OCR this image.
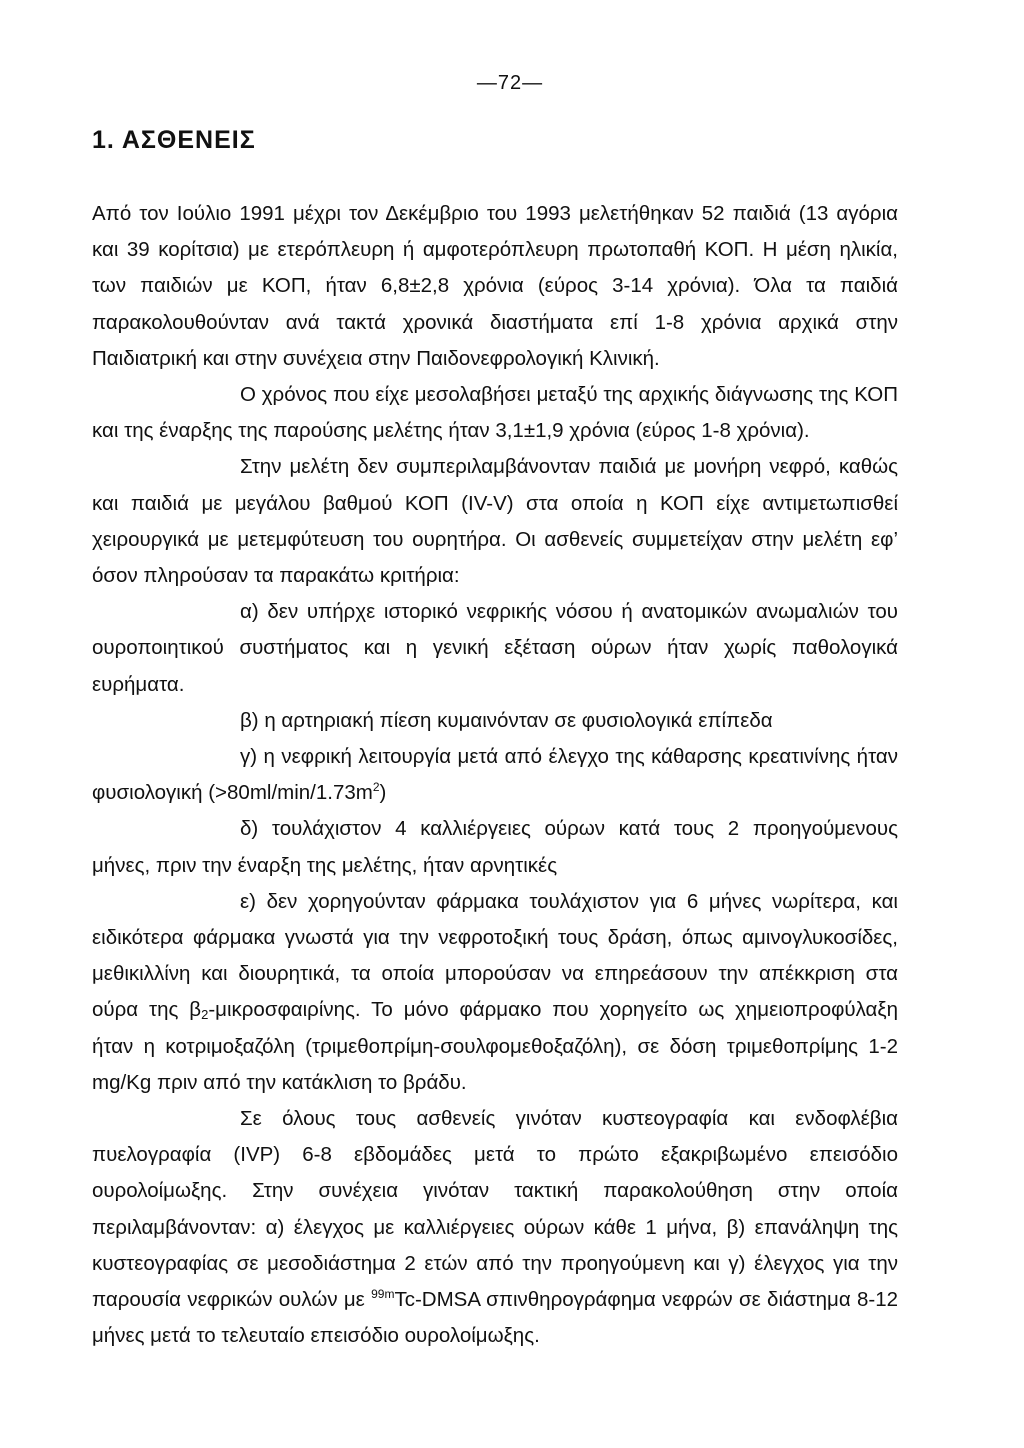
—72—
1. ΑΣΘΕΝΕΙΣ

Από τον Ιούλιο 1991 μέχρι τον Δεκέμβριο του 1993 μελετήθηκαν 52 παιδιά (13 αγόρια και 39 κορίτσια) με ετερόπλευρη ή αμφοτερόπλευρη πρωτοπαθή ΚΟΠ. Η μέση ηλικία, των παιδιών με ΚΟΠ, ήταν 6,8±2,8 χρόνια (εύρος 3-14 χρόνια). Όλα τα παιδιά παρακολουθούνταν ανά τακτά χρονικά διαστήματα επί 1-8 χρόνια αρχικά στην Παιδιατρική και στην συνέχεια στην Παιδονεφρολογική Κλινική.

Ο χρόνος που είχε μεσολαβήσει μεταξύ της αρχικής διάγνωσης της ΚΟΠ και της έναρξης της παρούσης μελέτης ήταν 3,1±1,9 χρόνια (εύρος 1-8 χρόνια).

Στην μελέτη δεν συμπεριλαμβάνονταν παιδιά με μονήρη νεφρό, καθώς και παιδιά με μεγάλου βαθμού ΚΟΠ (IV-V) στα οποία η ΚΟΠ είχε αντιμετωπισθεί χειρουργικά με μετεμφύτευση του ουρητήρα. Οι ασθενείς συμμετείχαν στην μελέτη εφ’ όσον πληρούσαν τα παρακάτω κριτήρια:

α) δεν υπήρχε ιστορικό νεφρικής νόσου ή ανατομικών ανωμαλιών του ουροποιητικού συστήματος και η γενική εξέταση ούρων ήταν χωρίς παθολογικά ευρήματα.

β) η αρτηριακή πίεση κυμαινόνταν σε φυσιολογικά επίπεδα

γ) η νεφρική λειτουργία μετά από έλεγχο της κάθαρσης κρεατινίνης ήταν φυσιολογική $(>80ml/\min/1.73m^2)$

δ) τουλάχιστον 4 καλλιέργειες ούρων κατά τους 2 προηγούμενους μήνες, πριν την έναρξη της μελέτης, ήταν αρνητικές

ε) δεν χορηγούνταν φάρμακα τουλάχιστον για 6 μήνες νωρίτερα, και ειδικότερα φάρμακα γνωστά για την νεφροτοξική τους δράση, όπως αμινογλυκοσίδες, μεθικιλλίνη και διουρητικά, τα οποία μπορούσαν να επηρεάσουν την απέκκριση στα ούρα της $\beta_2$-μικροσφαιρίνης. Το μόνο φάρμακο που χορηγείτο ως χημειοπροφύλαξη ήταν η κοτριμοξαζόλη (τριμεθοπρίμη-σουλφομεθοξαζόλη), σε δόση τριμεθοπρίμης 1-2 mg/Kg πριν από την κατάκλιση το βράδυ.

Σε όλους τους ασθενείς γινόταν κυστεογραφία και ενδοφλέβια πυελογραφία (IVP) 6-8 εβδομάδες μετά το πρώτο εξακριβωμένο επεισόδιο ουρολοίμωξης. Στην συνέχεια γινόταν τακτική παρακολούθηση στην οποία περιλαμβάνονταν: α) έλεγχος με καλλιέργειες ούρων κάθε 1 μήνα, β) επανάληψη της κυστεογραφίας σε μεσοδιάστημα 2 ετών από την προηγούμενη και γ) έλεγχος για την παρουσία νεφρικών ουλών με $^{99m}$Tc-DMSA σπινθηρογράφημα νεφρών σε διάστημα 8-12 μήνες μετά το τελευταίο επεισόδιο ουρολοίμωξης.
